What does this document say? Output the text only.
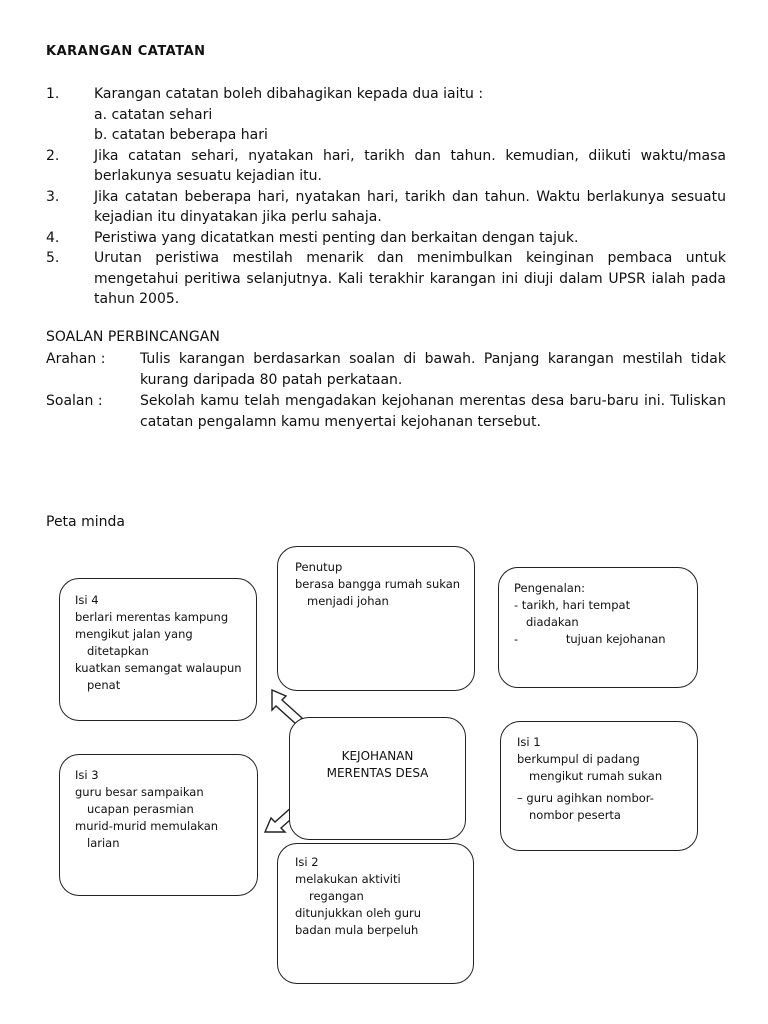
KARANGAN CATATAN
1. Karangan catatan boleh dibahagikan kepada dua iaitu :
a. catatan sehari
b. catatan beberapa hari
2. Jika catatan sehari, nyatakan hari, tarikh dan tahun. kemudian, diikuti waktu/masa berlakunya sesuatu kejadian itu.
3. Jika catatan beberapa hari, nyatakan hari, tarikh dan tahun. Waktu berlakunya sesuatu kejadian itu dinyatakan jika perlu sahaja.
4. Peristiwa yang dicatatkan mesti penting dan berkaitan dengan tajuk.
5. Urutan peristiwa mestilah menarik dan menimbulkan keinginan pembaca untuk mengetahui peritiwa selanjutnya. Kali terakhir karangan ini diuji dalam UPSR ialah pada tahun 2005.
SOALAN PERBINCANGAN
Arahan : Tulis karangan berdasarkan soalan di bawah. Panjang karangan mestilah tidak kurang daripada 80 patah perkataan.
Soalan :	Sekolah kamu telah mengadakan kejohanan merentas desa baru-baru ini. Tuliskan catatan pengalamn kamu menyertai kejohanan tersebut.
Peta minda
Penutup
berasa bangga rumah sukan
menjadi johan
Pengenalan:
- tarikh, hari tempat
diadakan
-	tujuan kejohanan
Isi 4
berlari merentas kampung
mengikut jalan yang
ditetapkan
kuatkan semangat walaupun
penat
KEJOHANAN
MERENTAS DESA
Isi 1
berkumpul di padang
mengikut rumah sukan
– guru agihkan nombor-
nombor peserta
Isi 3
guru besar sampaikan
ucapan perasmian
murid-murid memulakan
larian
Isi 2
melakukan aktiviti
regangan
ditunjukkan oleh guru
badan mula berpeluh
